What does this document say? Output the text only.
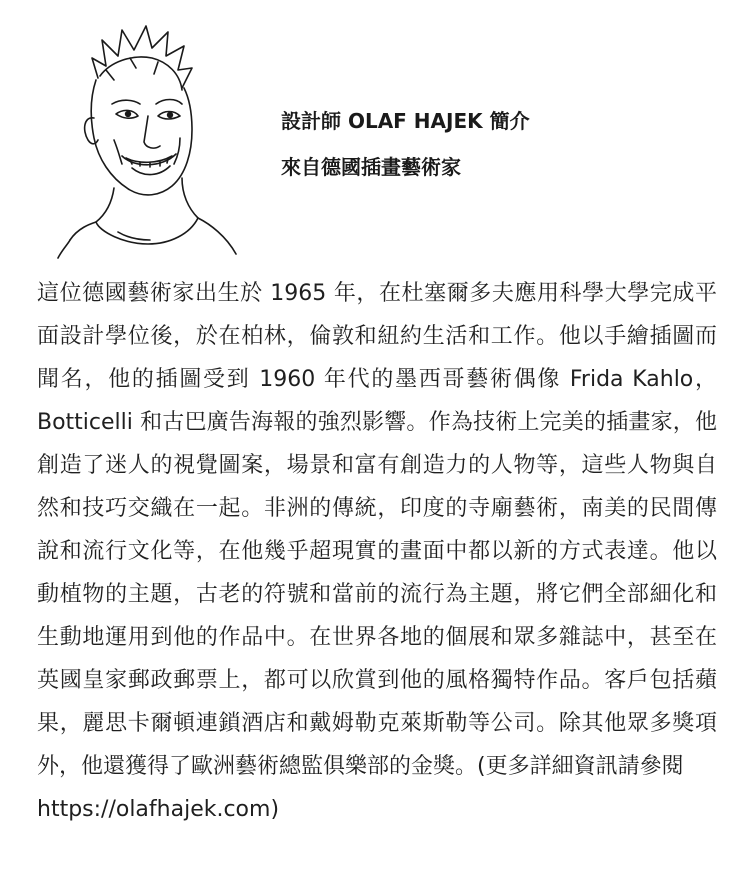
設計師 OLAF HAJEK 簡介
來自德國插畫藝術家
這位德國藝術家出生於 1965 年，在杜塞爾多夫應用科學大學完成平面設計學位後，於在柏林，倫敦和紐約生活和工作。他以手繪插圖而聞名，他的插圖受到 1960 年代的墨西哥藝術偶像 Frida Kahlo，Botticelli 和古巴廣告海報的強烈影響。作為技術上完美的插畫家，他創造了迷人的視覺圖案，場景和富有創造力的人物等，這些人物與自然和技巧交織在一起。非洲的傳統，印度的寺廟藝術，南美的民間傳說和流行文化等，在他幾乎超現實的畫面中都以新的方式表達。他以動植物的主題，古老的符號和當前的流行為主題，將它們全部細化和生動地運用到他的作品中。在世界各地的個展和眾多雜誌中，甚至在英國皇家郵政郵票上，都可以欣賞到他的風格獨特作品。客戶包括蘋果，麗思卡爾頓連鎖酒店和戴姆勒克萊斯勒等公司。除其他眾多獎項外，他還獲得了歐洲藝術總監俱樂部的金獎。(更多詳細資訊請參閱
https://olafhajek.com)
